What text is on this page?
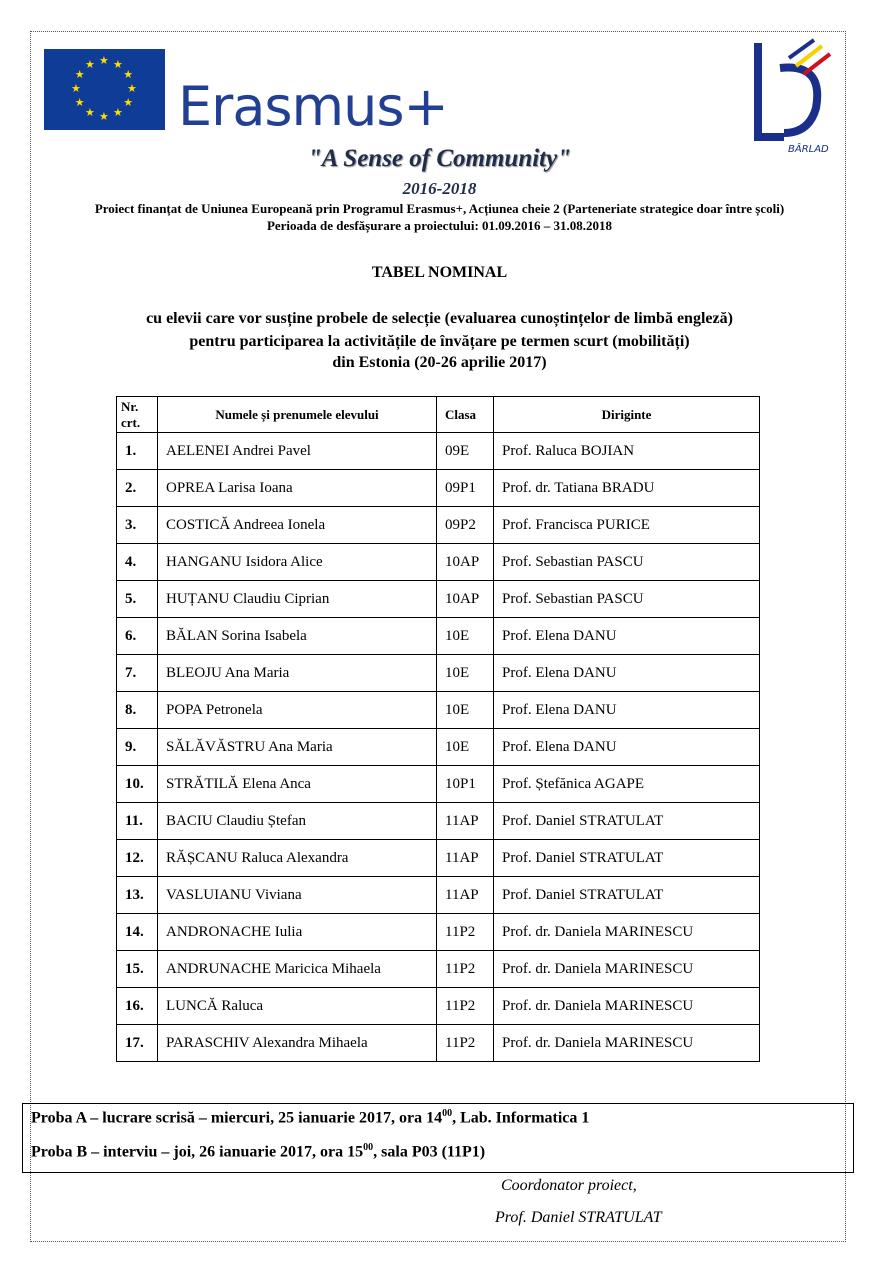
★ ★
★
★
★
★
★
★
★
★
★
★
Erasmus+
BÂRLAD
"A Sense of Community"
2016-2018
Proiect finanțat de Uniunea Europeană prin Programul Erasmus+, Acțiunea cheie 2 (Parteneriate strategice doar între școli)
Perioada de desfășurare a proiectului: 01.09.2016 – 31.08.2018
TABEL NOMINAL
cu elevii care vor susține probele de selecție (evaluarea cunoștințelor de limbă engleză)
pentru participarea la activitățile de învățare pe termen scurt (mobilități)
din Estonia (20-26 aprilie 2017)
Nr. crt.	Numele și prenumele elevului	Clasa	Diriginte
1.	AELENEI Andrei Pavel	09E	Prof. Raluca BOJIAN
2.	OPREA Larisa Ioana	09P1	Prof. dr. Tatiana BRADU
3.	COSTICĂ Andreea Ionela	09P2	Prof. Francisca PURICE
4.	HANGANU Isidora Alice	10AP	Prof. Sebastian PASCU
5.	HUȚANU Claudiu Ciprian	10AP	Prof. Sebastian PASCU
6.	BĂLAN Sorina Isabela	10E	Prof. Elena DANU
7.	BLEOJU Ana Maria	10E	Prof. Elena DANU
8.	POPA Petronela	10E	Prof. Elena DANU
9.	SĂLĂVĂSTRU Ana Maria	10E	Prof. Elena DANU
10.	STRĂTILĂ Elena Anca	10P1	Prof. Ștefănica AGAPE
11.	BACIU Claudiu Ștefan	11AP	Prof. Daniel STRATULAT
12.	RĂȘCANU Raluca Alexandra	11AP	Prof. Daniel STRATULAT
13.	VASLUIANU Viviana	11AP	Prof. Daniel STRATULAT
14.	ANDRONACHE Iulia	11P2	Prof. dr. Daniela MARINESCU
15.	ANDRUNACHE Maricica Mihaela	11P2	Prof. dr. Daniela MARINESCU
16.	LUNCĂ Raluca	11P2	Prof. dr. Daniela MARINESCU
17.	PARASCHIV Alexandra Mihaela	11P2	Prof. dr. Daniela MARINESCU
Proba A – lucrare scrisă – miercuri, 25 ianuarie 2017, ora $14^{00}$, Lab. Informatica 1
Proba B – interviu – joi, 26 ianuarie 2017, ora $15^{00}$, sala P03 (11P1)
Coordonator proiect,
Prof. Daniel STRATULAT
